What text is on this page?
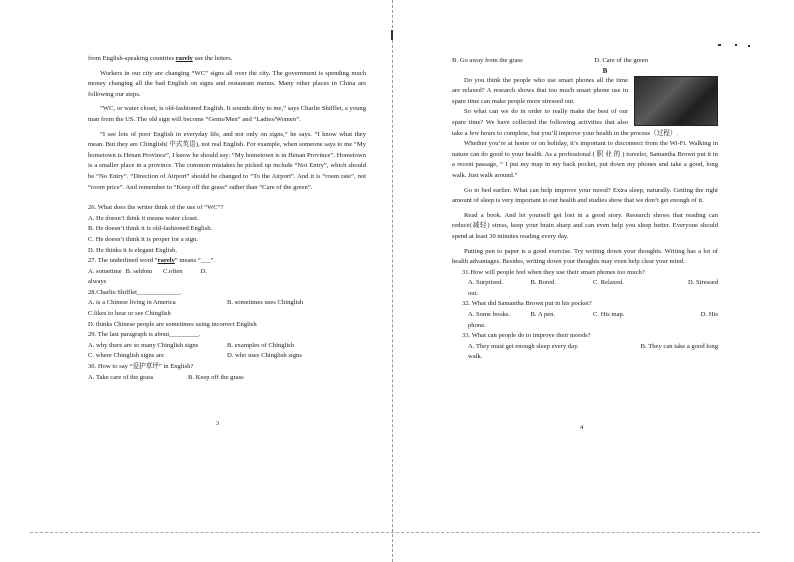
from English-speaking countries rarely use the letters.

Workers in our city are changing “WC” signs all over the city. The government is spending much money changing all the bad English on signs and restaurant menus. Many other places in China are following our steps.

“WC, or water closet, is old-fashioned English. It sounds dirty to me,” says Charlie Shifflet, a young man from the US. The old sign will become “Gents/Men” and “Ladies/Women”.

“I see lots of poor English in everyday life, and not only on signs,” he says. “I know what they mean. But they are Chinglish( 中式英语), not real English. For example, when someone says to me “My hometown is Henan Province”, I know he should say: “My hometown is in Henan Province”. Hometown is a smaller place in a province. The common mistakes he picked up include “Not Entry”, which should be “No Entry”. “Direction of Airport” should be changed to “To the Airport”. And it is “room rate”, not “room price”. And remember to “Keep off the grass” rather than “Care of the green”.

26. What does the writer think of the use of “WC”?

A. He doesn’t think it means water closet.

B. He doesn’t think it is old-fashioned English.

C. He doesn’t think it is proper for a sign.

D. He thinks it is elegant English.

27. The underlined word “rarely” means “___”.

A. sometime B. seldom	C.often	D.

always

28.Charlie Shifflet_____________.

A. is a Chinese living in America	B. sometimes uses Chinglish

C.likes to hear or see Chinglish

D. thinks Chinese people are sometimes using incorrect English

29. The last paragraph is about_________.

A. why there are so many Chinglish signs	B. examples of Chinglish
C. where Chinglish signs are	D. who uses Chinglish signs

30. How to say “爱护草坪” in English?

A. Take care of the grass	B. Keep off the grass
3
B. Go away from the grass	D. Care of the green
B

Do you think the people who use smart phones all the time are relaxed? A research shows that too much smart phone use in spare time can make people more stressed out.

So what can we do in order to really make the best of our spare time? We have collected the following activities that also take a few hours to complete, but you’ll improve your health in the process（过程）.

Whether you’re at home or on holiday, it’s important to disconnect from the Wi-Fi. Walking in nature can do good to your health. As a professional ( 职 业 的 ) traveler, Samantha Brown put it in a recent passage, “ I put my map in my back pocket, put down my phones and take a good, long walk. Just walk around.”

Go to bed earlier. What can help improve your mood? Extra sleep, naturally. Getting the right amount of sleep is very important to our health and studies show that we don’t get enough of it.

Read a book. And let yourself get lost in a good story. Research shows that reading can reduce(减轻) stress, keep your brain sharp and can even help you sleep better. Everyone should spend at least 30 minutes reading every day.

Putting pen to paper is a good exercise. Try writing down your thoughts. Writing has a lot of health advantages. Besides, writing down your thoughts may even help clear your mind.

31.How will people feel when they use their smart phones too much?

A. Surprised.	B. Bored.	C. Relaxed.	D. Stressed

out.

32. What did Samantha Brown put in his pocket?

A. Some books.	B. A pen.	C. His map.	D. His

phone.

33. What can people do to improve their moods?

A. They must get enough sleep every day.	B. They can take a good long

walk.

4
